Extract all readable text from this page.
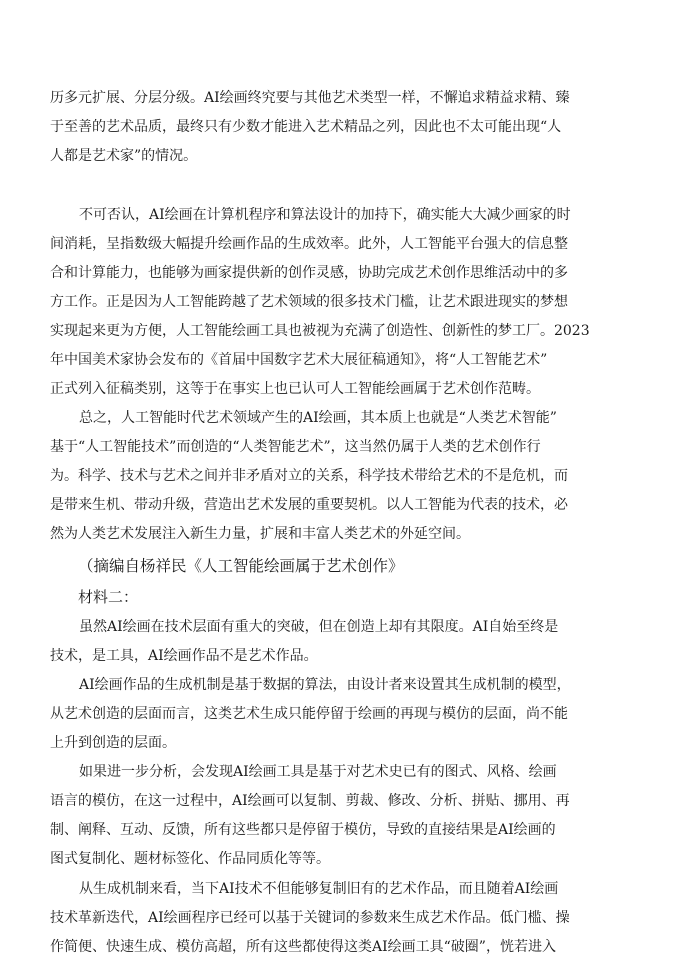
历多元扩展、分层分级。AI绘画终究要与其他艺术类型一样，不懈追求精益求精、臻
于至善的艺术品质，最终只有少数才能进入艺术精品之列，因此也不太可能出现“人
人都是艺术家”的情况。
不可否认，AI绘画在计算机程序和算法设计的加持下，确实能大大减少画家的时
间消耗，呈指数级大幅提升绘画作品的生成效率。此外，人工智能平台强大的信息整
合和计算能力，也能够为画家提供新的创作灵感，协助完成艺术创作思维活动中的多
方工作。正是因为人工智能跨越了艺术领域的很多技术门槛，让艺术跟进现实的梦想
实现起来更为方便，人工智能绘画工具也被视为充满了创造性、创新性的梦工厂。2023
年中国美术家协会发布的《首届中国数字艺术大展征稿通知》，将“人工智能艺术”
正式列入征稿类别，这等于在事实上也已认可人工智能绘画属于艺术创作范畴。
总之，人工智能时代艺术领域产生的AI绘画，其本质上也就是“人类艺术智能”
基于“人工智能技术”而创造的“人类智能艺术”，这当然仍属于人类的艺术创作行
为。科学、技术与艺术之间并非矛盾对立的关系，科学技术带给艺术的不是危机，而
是带来生机、带动升级，营造出艺术发展的重要契机。以人工智能为代表的技术，必
然为人类艺术发展注入新生力量，扩展和丰富人类艺术的外延空间。
（摘编自杨祥民《人工智能绘画属于艺术创作》
材料二：
虽然AI绘画在技术层面有重大的突破，但在创造上却有其限度。AI自始至终是
技术，是工具，AI绘画作品不是艺术作品。
AI绘画作品的生成机制是基于数据的算法，由设计者来设置其生成机制的模型，
从艺术创造的层面而言，这类艺术生成只能停留于绘画的再现与模仿的层面，尚不能
上升到创造的层面。
如果进一步分析，会发现AI绘画工具是基于对艺术史已有的图式、风格、绘画
语言的模仿，在这一过程中，AI绘画可以复制、剪裁、修改、分析、拼贴、挪用、再
制、阐释、互动、反馈，所有这些都只是停留于模仿，导致的直接结果是AI绘画的
图式复制化、题材标签化、作品同质化等等。
从生成机制来看，当下AI技术不但能够复制旧有的艺术作品，而且随着AI绘画
技术革新迭代，AI绘画程序已经可以基于关键词的参数来生成艺术作品。低门槛、操
作简便、快速生成、模仿高超，所有这些都使得这类AI绘画工具“破圈”，恍若进入
